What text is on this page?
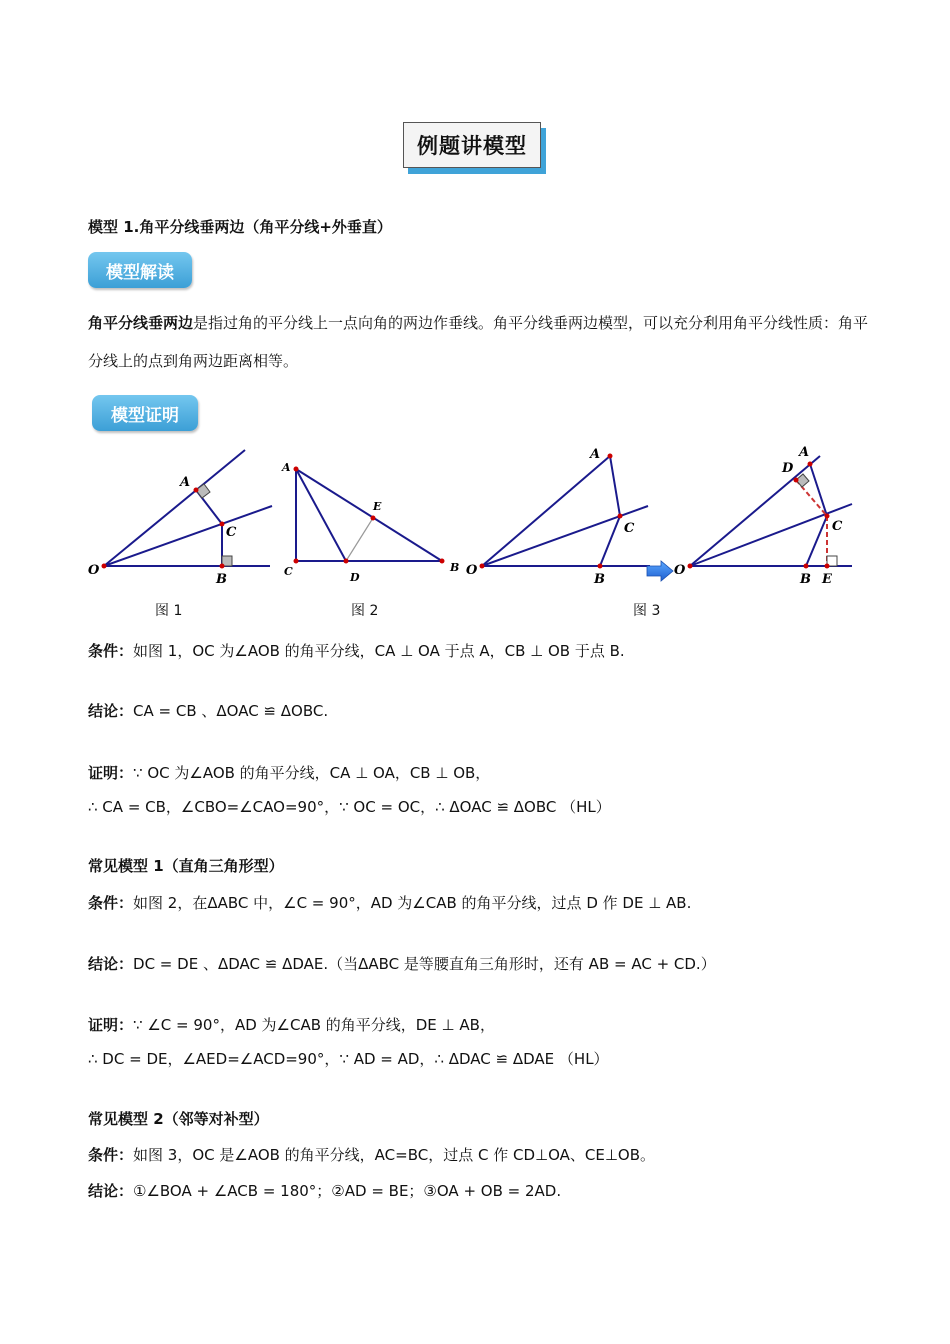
例题讲模型
模型 1.角平分线垂两边（角平分线+外垂直）
模型解读
角平分线垂两边是指过角的平分线上一点向角的两边作垂线。角平分线垂两边模型，可以充分利用角平分线性质：角平分线上的点到角两边距离相等。
模型证明
A
C
O
B
A
E
C	D
B
A
C
O
B
A
D
C
O
B E
图 1	图 2	图 3
条件：如图 1，OC 为∠AOB 的角平分线，CA ⊥ OA 于点 A，CB ⊥ OB 于点 B.
结论：CA = CB 、ΔOAC ≌ ΔOBC.
证明：∵ OC 为∠AOB 的角平分线，CA ⊥ OA，CB ⊥ OB，
∴ CA = CB，∠CBO=∠CAO=90°，∵ OC = OC，∴ ΔOAC ≌ ΔOBC （HL）
常见模型 1（直角三角形型）
条件：如图 2，在ΔABC 中，∠C = 90°，AD 为∠CAB 的角平分线，过点 D 作 DE ⊥ AB.
结论：DC = DE 、ΔDAC ≌ ΔDAE.（当ΔABC 是等腰直角三角形时，还有 AB = AC + CD.）
证明：∵ ∠C = 90°，AD 为∠CAB 的角平分线，DE ⊥ AB，
∴ DC = DE，∠AED=∠ACD=90°，∵ AD = AD，∴ ΔDAC ≌ ΔDAE （HL）
常见模型 2（邻等对补型）
条件：如图 3，OC 是∠AOB 的角平分线，AC=BC，过点 C 作 CD⊥OA、CE⊥OB。
结论：①∠BOA + ∠ACB = 180°；②AD = BE；③OA + OB = 2AD.
